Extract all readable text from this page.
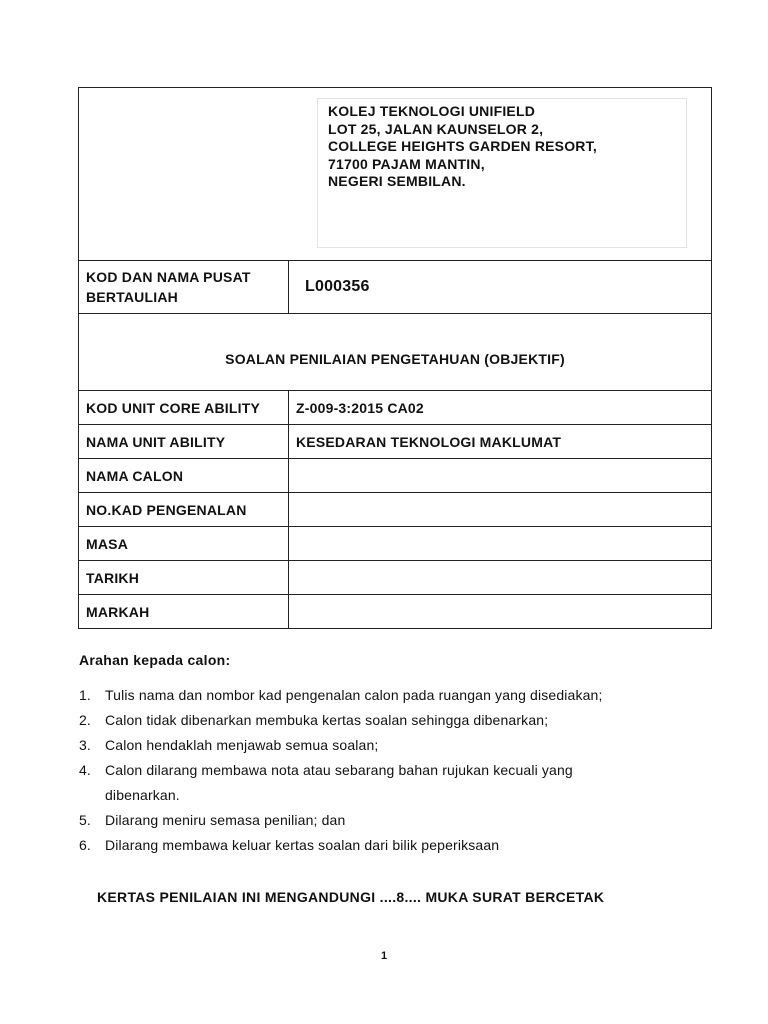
KOLEJ TEKNOLOGI UNIFIELD
LOT 25, JALAN KAUNSELOR 2,
COLLEGE HEIGHTS GARDEN RESORT,
71700 PAJAM MANTIN,
NEGERI SEMBILAN.	

KOD DAN NAMA PUSAT
BERTAULIAH	L000356
SOALAN PENILAIAN PENGETAHUAN (OBJEKTIF)	
KOD UNIT CORE ABILITY	Z-009-3:2015 CA02
NAMA UNIT ABILITY	KESEDARAN TEKNOLOGI MAKLUMAT
NAMA CALON	
NO.KAD PENGENALAN	
MASA	
TARIKH	
MARKAH	
Arahan kepada calon:
1. Tulis nama dan nombor kad pengenalan calon pada ruangan yang disediakan;
2. Calon tidak dibenarkan membuka kertas soalan sehingga dibenarkan;
3. Calon hendaklah menjawab semua soalan;
4. Calon dilarang membawa nota atau sebarang bahan rujukan kecuali yang
dibenarkan.
5. Dilarang meniru semasa penilian; dan
6. Dilarang membawa keluar kertas soalan dari bilik peperiksaan
KERTAS PENILAIAN INI MENGANDUNGI ....8.... MUKA SURAT BERCETAK
1
